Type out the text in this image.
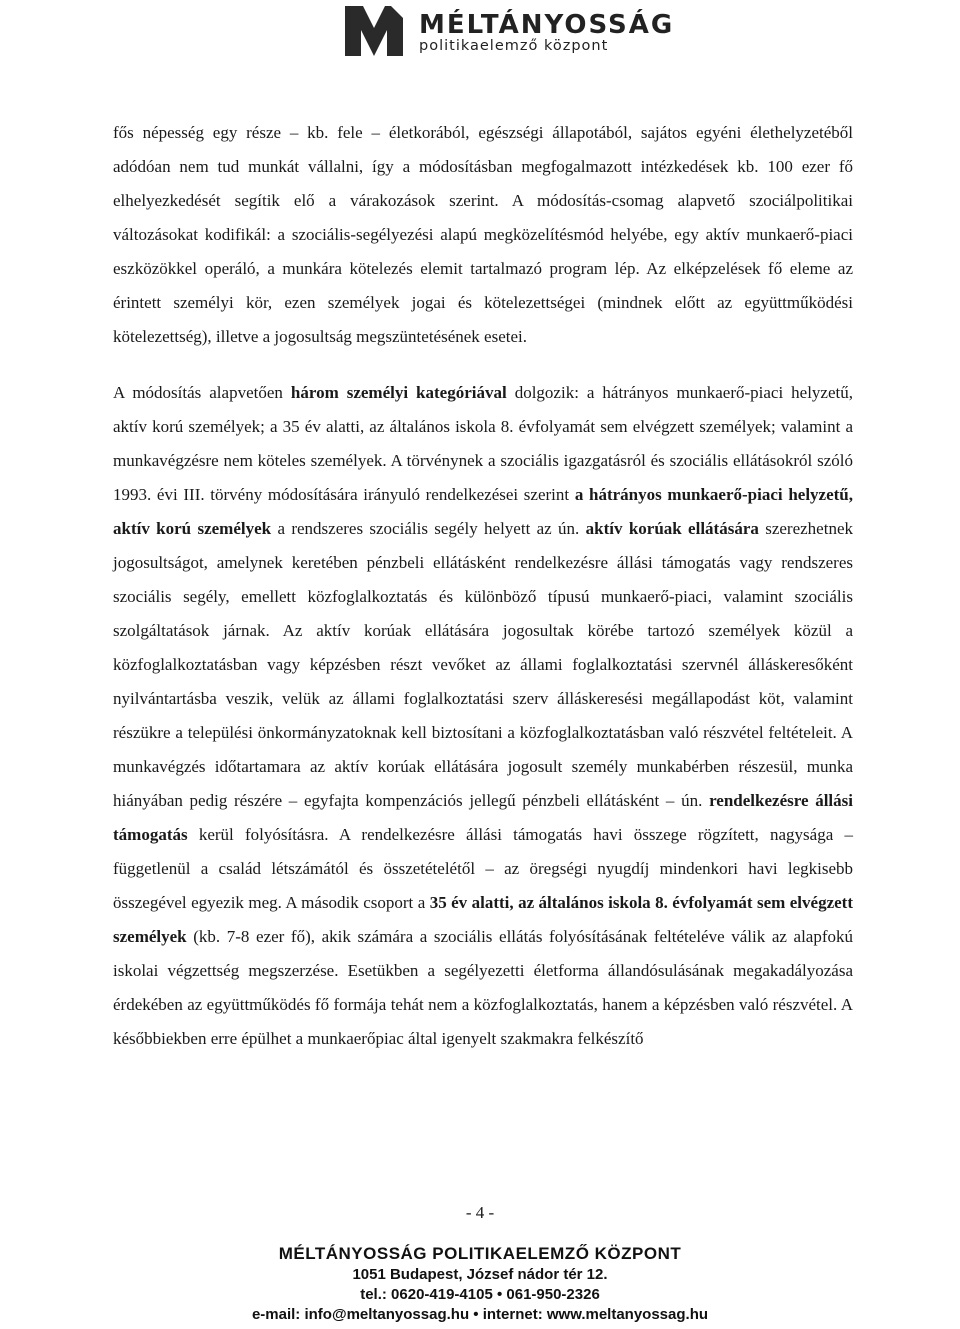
MÉLTÁNYOSSÁG
politikaelemző központ

fős népesség egy része – kb. fele – életkorából, egészségi állapotából, sajátos egyéni élethelyzetéből adódóan nem tud munkát vállalni, így a módosításban megfogalmazott intézkedések kb. 100 ezer fő elhelyezkedését segítik elő a várakozások szerint. A módosítás-csomag alapvető szociálpolitikai változásokat kodifikál: a szociális-segélyezési alapú megközelítésmód helyébe, egy aktív munkaerő-piaci eszközökkel operáló, a munkára kötelezés elemit tartalmazó program lép. Az elképzelések fő eleme az érintett személyi kör, ezen személyek jogai és kötelezettségei (mindnek előtt az együttműködési kötelezettség), illetve a jogosultság megszüntetésének esetei.

A módosítás alapvetően három személyi kategóriával dolgozik: a hátrányos munkaerő-piaci helyzetű, aktív korú személyek; a 35 év alatti, az általános iskola 8. évfolyamát sem elvégzett személyek; valamint a munkavégzésre nem köteles személyek. A törvénynek a szociális igazgatásról és szociális ellátásokról szóló 1993. évi III. törvény módosítására irányuló rendelkezései szerint a hátrányos munkaerő-piaci helyzetű, aktív korú személyek a rendszeres szociális segély helyett az ún. aktív korúak ellátására szerezhetnek jogosultságot, amelynek keretében pénzbeli ellátásként rendelkezésre állási támogatás vagy rendszeres szociális segély, emellett közfoglalkoztatás és különböző típusú munkaerő-piaci, valamint szociális szolgáltatások járnak. Az aktív korúak ellátására jogosultak körébe tartozó személyek közül a közfoglalkoztatásban vagy képzésben részt vevőket az állami foglalkoztatási szervnél álláskeresőként nyilvántartásba veszik, velük az állami foglalkoztatási szerv álláskeresési megállapodást köt, valamint részükre a települési önkormányzatoknak kell biztosítani a közfoglalkoztatásban való részvétel feltételeit. A munkavégzés időtartamara az aktív korúak ellátására jogosult személy munkabérben részesül, munka hiányában pedig részére – egyfajta kompenzációs jellegű pénzbeli ellátásként – ún. rendelkezésre állási támogatás kerül folyósításra. A rendelkezésre állási támogatás havi összege rögzített, nagysága – függetlenül a család létszámától és összetételétől – az öregségi nyugdíj mindenkori havi legkisebb összegével egyezik meg. A második csoport a 35 év alatti, az általános iskola 8. évfolyamát sem elvégzett személyek (kb. 7-8 ezer fő), akik számára a szociális ellátás folyósításának feltételéve válik az alapfokú iskolai végzettség megszerzése. Esetükben a segélyezetti életforma állandósulásának megakadályozása érdekében az együttműködés fő formája tehát nem a közfoglalkoztatás, hanem a képzésben való részvétel. A későbbiekben erre épülhet a munkaerőpiac által igenyelt szakmakra felkészítő

- 4 -
MÉLTÁNYOSSÁG POLITIKAELEMZŐ KÖZPONT
1051 Budapest, József nádor tér 12.
tel.: 0620-419-4105 • 061-950-2326
e-mail: info@meltanyossag.hu • internet: www.meltanyossag.hu
